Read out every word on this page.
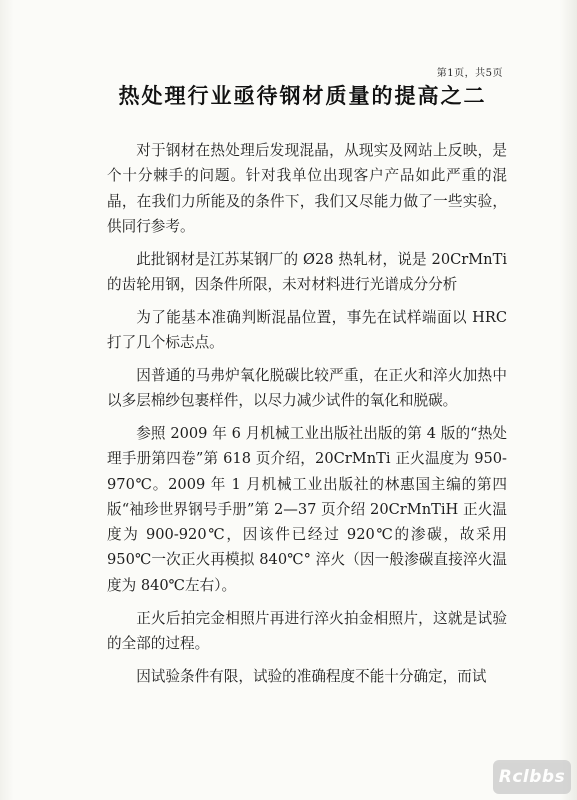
第1页，共5页
热处理行业亟待钢材质量的提高之二

对于钢材在热处理后发现混晶，从现实及网站上反映，是个十分棘手的问题。针对我单位出现客户产品如此严重的混晶，在我们力所能及的条件下，我们又尽能力做了一些实验，供同行参考。

此批钢材是江苏某钢厂的 Ø28 热轧材，说是 20CrMnTi 的齿轮用钢，因条件所限，未对材料进行光谱成分分析

为了能基本准确判断混晶位置，事先在试样端面以 HRC 打了几个标志点。

因普通的马弗炉氧化脱碳比较严重，在正火和淬火加热中以多层棉纱包裹样件，以尽力减少试件的氧化和脱碳。

参照 2009 年 6 月机械工业出版社出版的第 4 版的“热处理手册第四卷”第 618 页介绍，20CrMnTi 正火温度为 950-970℃。2009 年 1 月机械工业出版社的林惠国主编的第四版“袖珍世界钢号手册”第 2—37 页介绍 20CrMnTiH 正火温度为 900-920℃，因该件已经过 920℃的渗碳，故采用 950℃一次正火再模拟 840℃° 淬火（因一般渗碳直接淬火温度为 840℃左右）。

正火后拍完金相照片再进行淬火拍金相照片，这就是试验的全部的过程。

因试验条件有限，试验的准确程度不能十分确定，而试

Rclbbs
